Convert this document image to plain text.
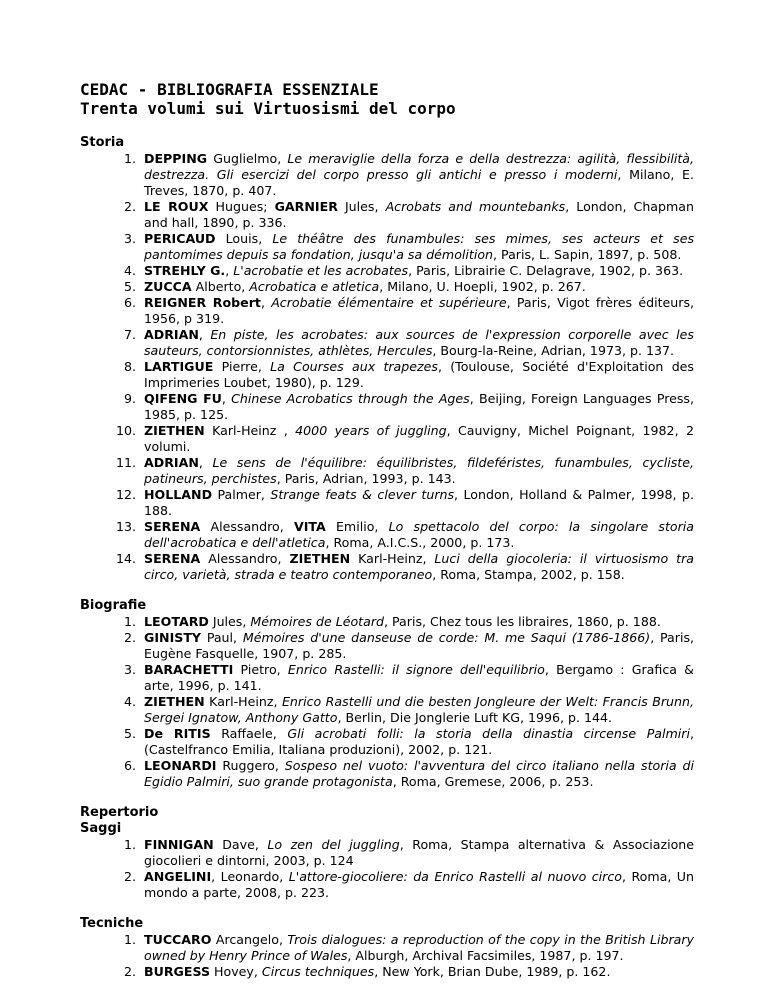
CEDAC - BIBLIOGRAFIA ESSENZIALE

Trenta volumi sui Virtuosismi del corpo

Storia

1. DEPPING Guglielmo, Le meraviglie della forza e della destrezza: agilità, flessibilità, destrezza. Gli esercizi del corpo presso gli antichi e presso i moderni, Milano, E. Treves, 1870, p. 407.
2. LE ROUX Hugues; GARNIER Jules, Acrobats and mountebanks, London, Chapman and hall, 1890, p. 336.
3. PERICAUD Louis, Le théâtre des funambules: ses mimes, ses acteurs et ses pantomimes depuis sa fondation, jusqu'a sa démolition, Paris, L. Sapin, 1897, p. 508.
4. STREHLY G., L'acrobatie et les acrobates, Paris, Librairie C. Delagrave, 1902, p. 363.
5. ZUCCA Alberto, Acrobatica e atletica, Milano, U. Hoepli, 1902, p. 267.
6. REIGNER Robert, Acrobatie élémentaire et supérieure, Paris, Vigot frères éditeurs, 1956, p 319.
7. ADRIAN, En piste, les acrobates: aux sources de l'expression corporelle avec les sauteurs, contorsionnistes, athlètes, Hercules, Bourg-la-Reine, Adrian, 1973, p. 137.
8. LARTIGUE Pierre, La Courses aux trapezes, (Toulouse, Société d'Exploitation des Imprimeries Loubet, 1980), p. 129.
9. QIFENG FU, Chinese Acrobatics through the Ages, Beijing, Foreign Languages Press, 1985, p. 125.
10. ZIETHEN Karl-Heinz , 4000 years of juggling, Cauvigny, Michel Poignant, 1982, 2 volumi.
11. ADRIAN, Le sens de l'équilibre: équilibristes, fildeféristes, funambules, cycliste, patineurs, perchistes, Paris, Adrian, 1993, p. 143.
12. HOLLAND Palmer, Strange feats & clever turns, London, Holland & Palmer, 1998, p. 188.
13. SERENA Alessandro, VITA Emilio, Lo spettacolo del corpo: la singolare storia dell'acrobatica e dell'atletica, Roma, A.I.C.S., 2000, p. 173.
14. SERENA Alessandro, ZIETHEN Karl-Heinz, Luci della giocoleria: il virtuosismo tra circo, varietà, strada e teatro contemporaneo, Roma, Stampa, 2002, p. 158.

Biografie

1. LEOTARD Jules, Mémoires de Léotard, Paris, Chez tous les libraires, 1860, p. 188.
2. GINISTY Paul, Mémoires d'une danseuse de corde: M. me Saqui (1786-1866), Paris, Eugène Fasquelle, 1907, p. 285.
3. BARACHETTI Pietro, Enrico Rastelli: il signore dell'equilibrio, Bergamo : Grafica & arte, 1996, p. 141.
4. ZIETHEN Karl-Heinz, Enrico Rastelli und die besten Jongleure der Welt: Francis Brunn, Sergei Ignatow, Anthony Gatto, Berlin, Die Jonglerie Luft KG, 1996, p. 144.
5. De RITIS Raffaele, Gli acrobati folli: la storia della dinastia circense Palmiri, (Castelfranco Emilia, Italiana produzioni), 2002, p. 121.
6. LEONARDI Ruggero, Sospeso nel vuoto: l'avventura del circo italiano nella storia di Egidio Palmiri, suo grande protagonista, Roma, Gremese, 2006, p. 253.

Repertorio

Saggi

1. FINNIGAN Dave, Lo zen del juggling, Roma, Stampa alternativa & Associazione giocolieri e dintorni, 2003, p. 124
2. ANGELINI, Leonardo, L'attore-giocoliere: da Enrico Rastelli al nuovo circo, Roma, Un mondo a parte, 2008, p. 223.

Tecniche

1. TUCCARO Arcangelo, Trois dialogues: a reproduction of the copy in the British Library owned by Henry Prince of Wales, Alburgh, Archival Facsimiles, 1987, p. 197.
2. BURGESS Hovey, Circus techniques, New York, Brian Dube, 1989, p. 162.
